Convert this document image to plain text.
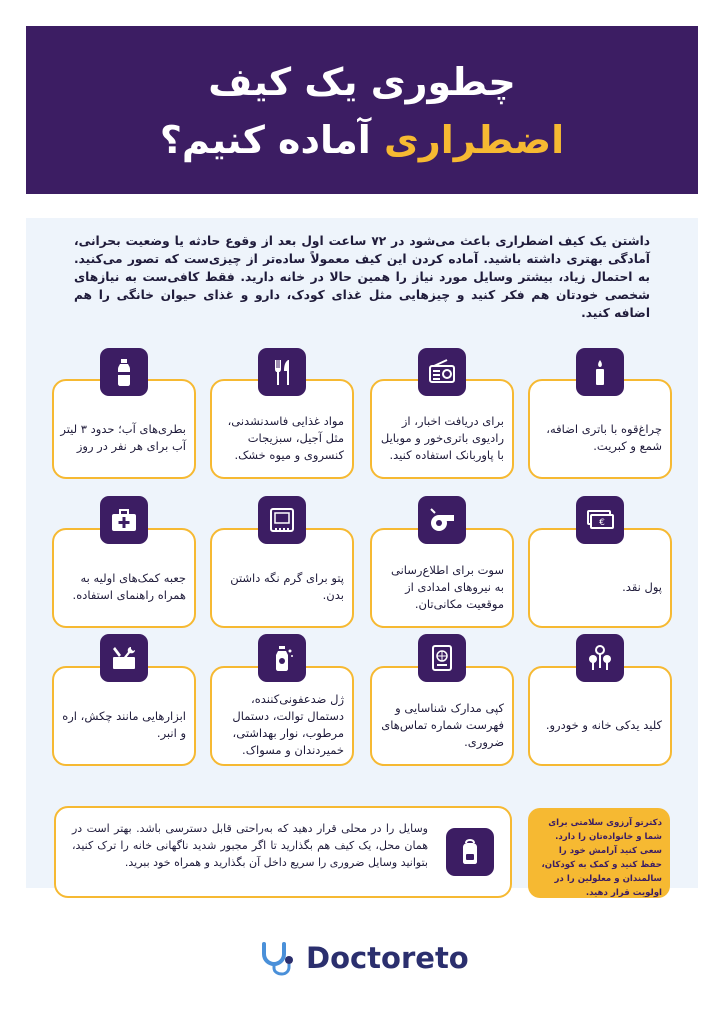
چطوری یک کیف
اضطراری آماده کنیم؟
داشتن یک کیف اضطراری باعث می‌شود در ۷۲ ساعت اول بعد از وقوع حادثه یا وضعیت بحرانی، آمادگی بهتری داشته باشید. آماده کردن این کیف معمولاً ساده‌تر از چیزی‌ست که تصور می‌کنید. به احتمال زیاد، بیشتر وسایل مورد نیاز را همین حالا در خانه دارید. فقط کافی‌ست به نیازهای شخصی خودتان هم فکر کنید و چیزهایی مثل غذای کودک، دارو و غذای حیوان خانگی را هم اضافه کنید.
چراغ‌قوه با باتری اضافه، شمع و کبریت.
برای دریافت اخبار، از رادیوی باتری‌خور و موبایل با پاوربانک استفاده کنید.
مواد غذایی فاسدنشدنی، مثل آجیل، سبزیجات کنسروی و میوه خشک.
بطری‌های آب؛ حدود ۳ لیتر آب برای هر نفر در روز
پول نقد.
€
سوت برای اطلاع‌رسانی به نیروهای امدادی از موقعیت مکانی‌تان.
پتو برای گرم نگه داشتن بدن.
جعبه کمک‌های اولیه به همراه راهنمای استفاده.
کلید یدکی خانه و خودرو.
کپی مدارک شناسایی و فهرست شماره تماس‌های ضروری.
ژل ضدعفونی‌کننده، دستمال توالت، دستمال مرطوب، نوار بهداشتی، خمیردندان و مسواک.
ابزارهایی مانند چکش، اره و انبر.
وسایل را در محلی قرار دهید که به‌راحتی قابل دسترسی باشد. بهتر است در همان محل، یک کیف هم بگذارید تا اگر مجبور شدید ناگهانی خانه را ترک کنید، بتوانید وسایل ضروری را سریع داخل آن بگذارید و همراه خود ببرید.
دکترتو آرزوی سلامتی برای شما و خانواده‌تان را دارد. سعی کنید آرامش خود را حفظ کنید و کمک به کودکان، سالمندان و معلولین را در اولویت قرار دهید.
Doctoreto
